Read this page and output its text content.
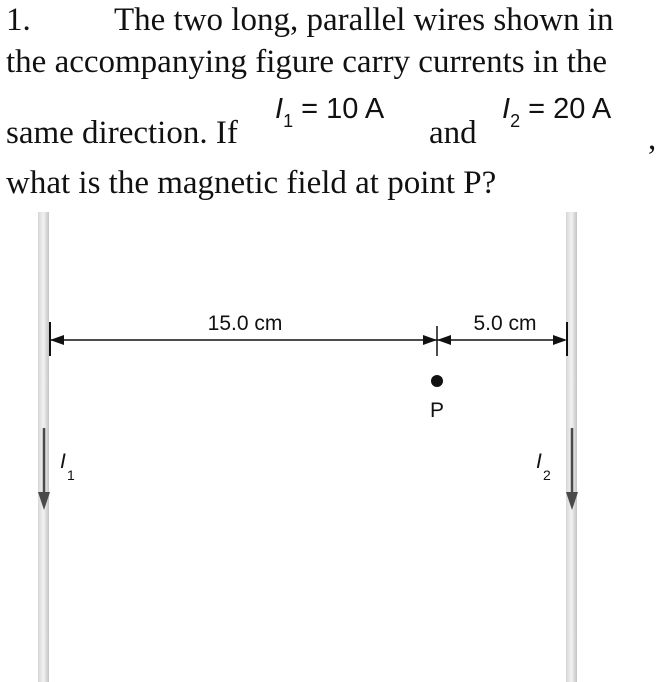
1.	The two long, parallel wires shown in
the accompanying figure carry currents in the
same direction. If
$I_1 = 10$ A
and
$I_2 = 20$ A
,
what is the magnetic field at point P?
15.0 cm	5.0 cm
P
I
1
I
2
